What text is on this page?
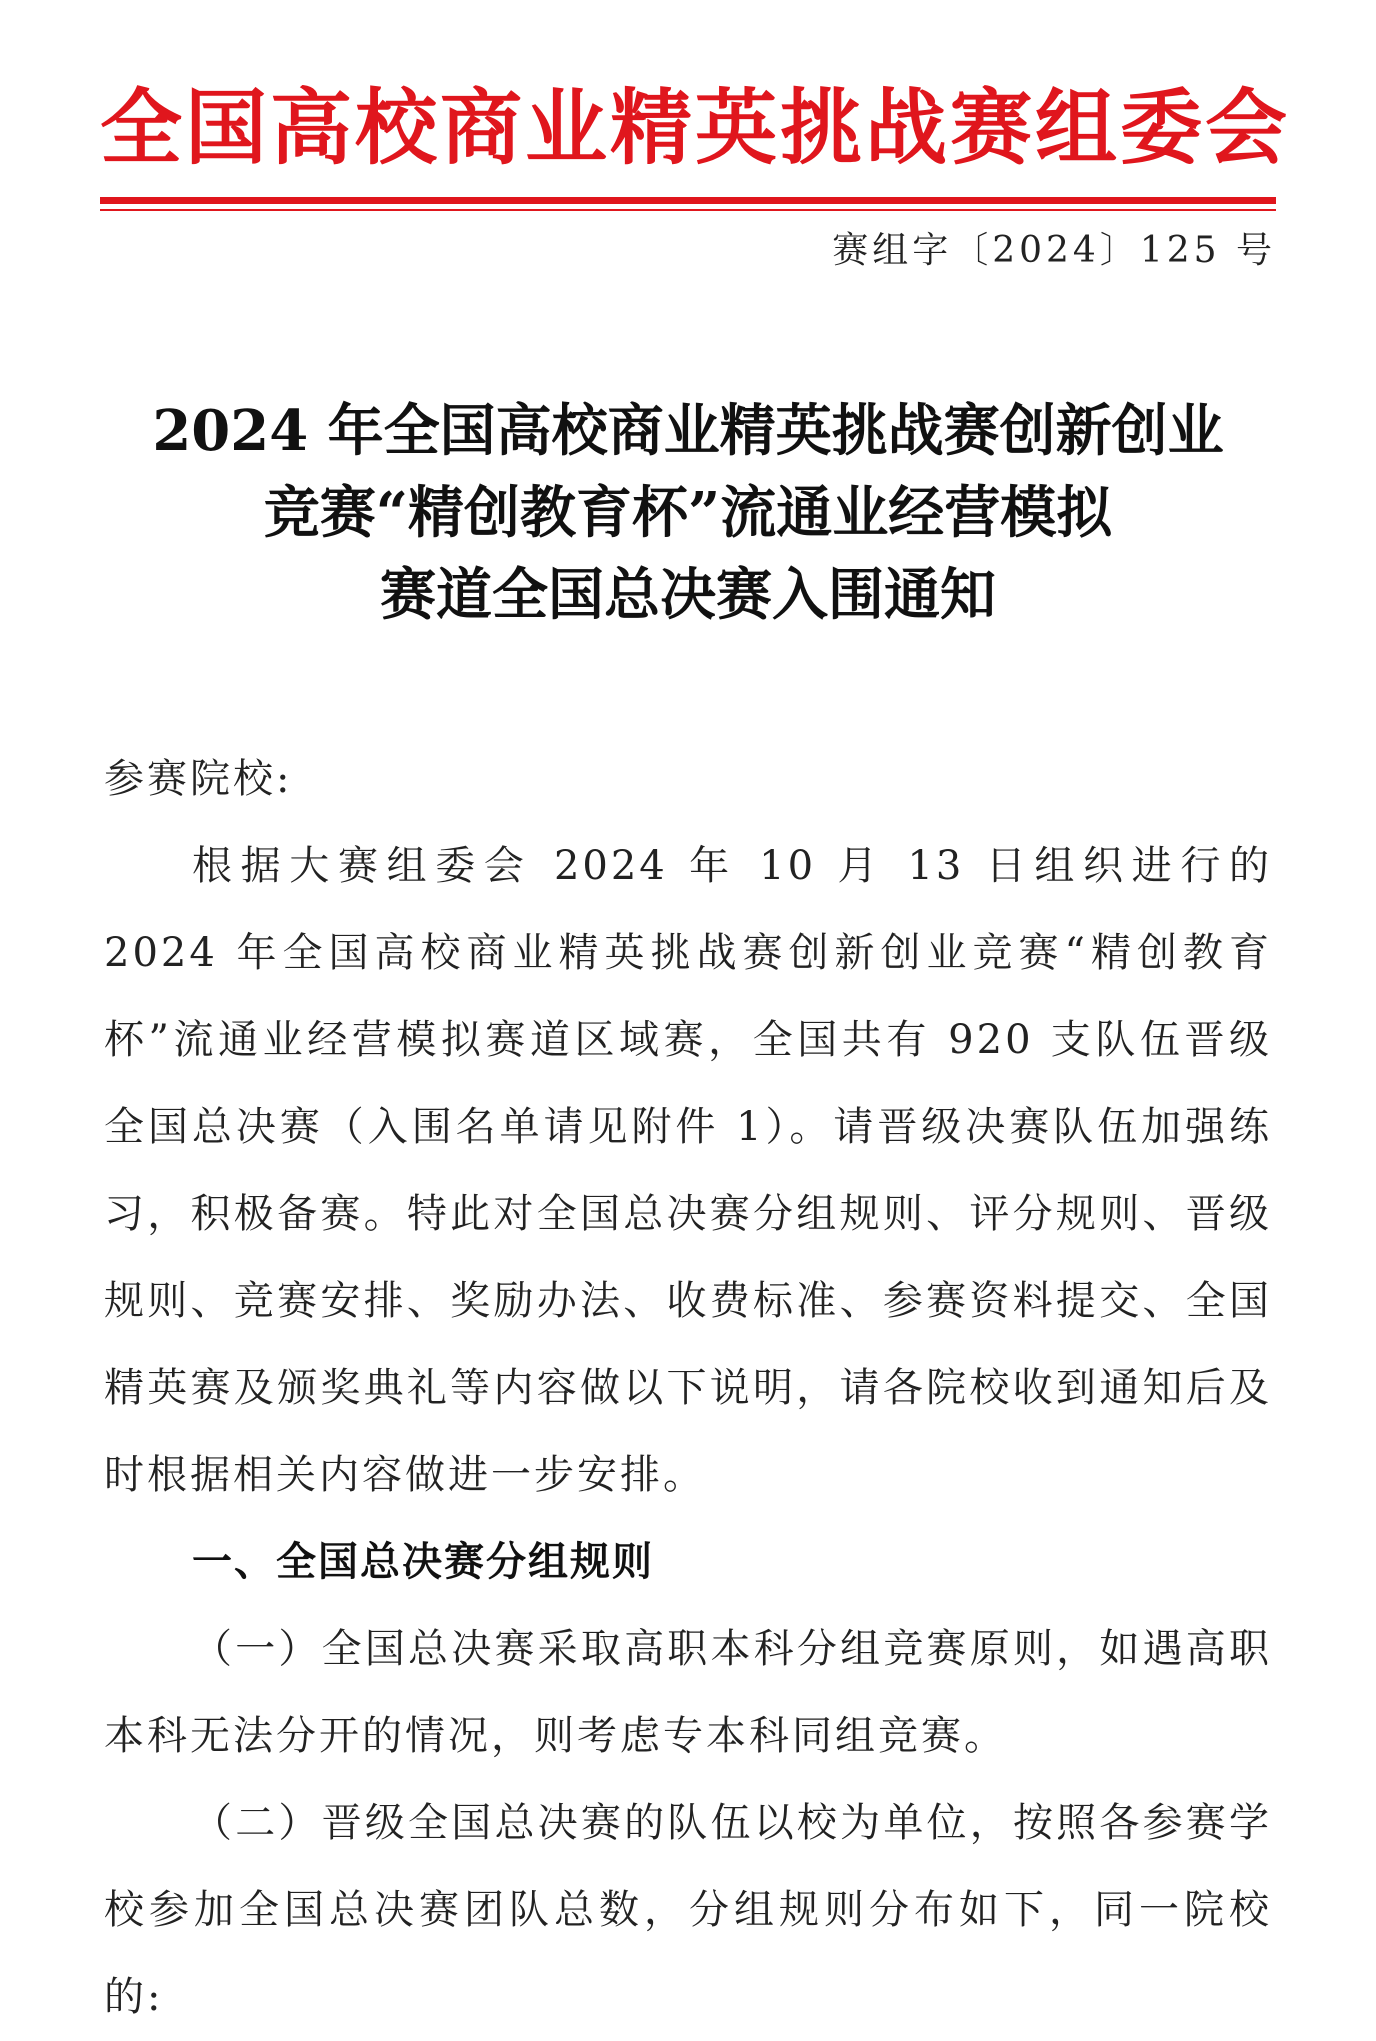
全国高校商业精英挑战赛组委会
赛组字〔2024〕125 号
2024 年全国高校商业精英挑战赛创新创业
竞赛“精创教育杯”流通业经营模拟
赛道全国总决赛入围通知

参赛院校:

根据大赛组委会 2024 年 10 月 13 日组织进行的 2024 年全国高校商业精英挑战赛创新创业竞赛“精创教育杯”流通业经营模拟赛道区域赛，全国共有 920 支队伍晋级全国总决赛（入围名单请见附件 1）。请晋级决赛队伍加强练习，积极备赛。特此对全国总决赛分组规则、评分规则、晋级规则、竞赛安排、奖励办法、收费标准、参赛资料提交、全国精英赛及颁奖典礼等内容做以下说明，请各院校收到通知后及时根据相关内容做进一步安排。

一、全国总决赛分组规则

（一）全国总决赛采取高职本科分组竞赛原则，如遇高职本科无法分开的情况，则考虑专本科同组竞赛。

（二）晋级全国总决赛的队伍以校为单位，按照各参赛学校参加全国总决赛团队总数，分组规则分布如下，同一院校的:
